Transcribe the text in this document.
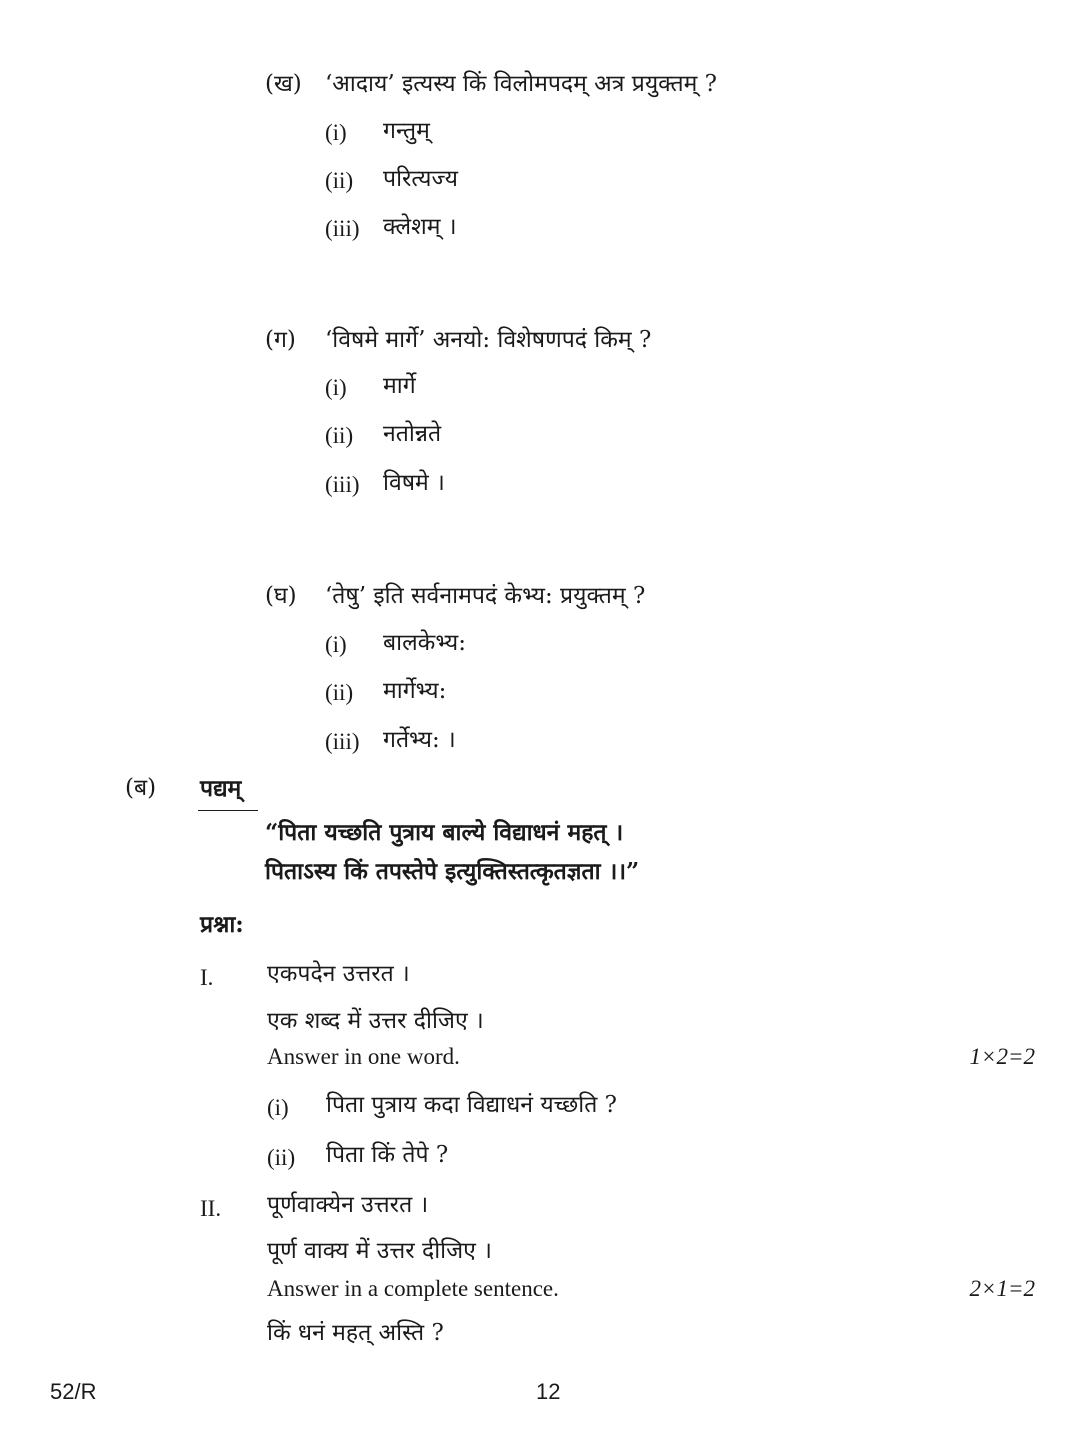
(ख) ‘आदाय’ इत्यस्य किं विलोमपदम् अत्र प्रयुक्तम् ?
(i) गन्तुम्
(ii) परित्यज्य
(iii) क्लेशम् ।
(ग) ‘विषमे मार्गे’ अनयो: विशेषणपदं किम् ?
(i) मार्गे
(ii) नतोन्नते
(iii) विषमे ।
(घ) ‘तेषु’ इति सर्वनामपदं केभ्य: प्रयुक्तम् ?
(i) बालकेभ्य:
(ii) मार्गेभ्य:
(iii) गर्तेभ्य: ।
(ब) पद्यम्
“पिता यच्छति पुत्राय बाल्ये विद्याधनं महत् ।
पिताऽस्य किं तपस्तेपे इत्युक्तिस्तत्कृतज्ञता ।।”
प्रश्ना:
I. एकपदेन उत्तरत ।
एक शब्द में उत्तर दीजिए ।
Answer in one word.	1×2=2
(i) पिता पुत्राय कदा विद्याधनं यच्छति ?
(ii) पिता किं तेपे ?
II. पूर्णवाक्येन उत्तरत ।
पूर्ण वाक्य में उत्तर दीजिए ।
Answer in a complete sentence.	2×1=2
किं धनं महत् अस्ति ?
52/R	12
